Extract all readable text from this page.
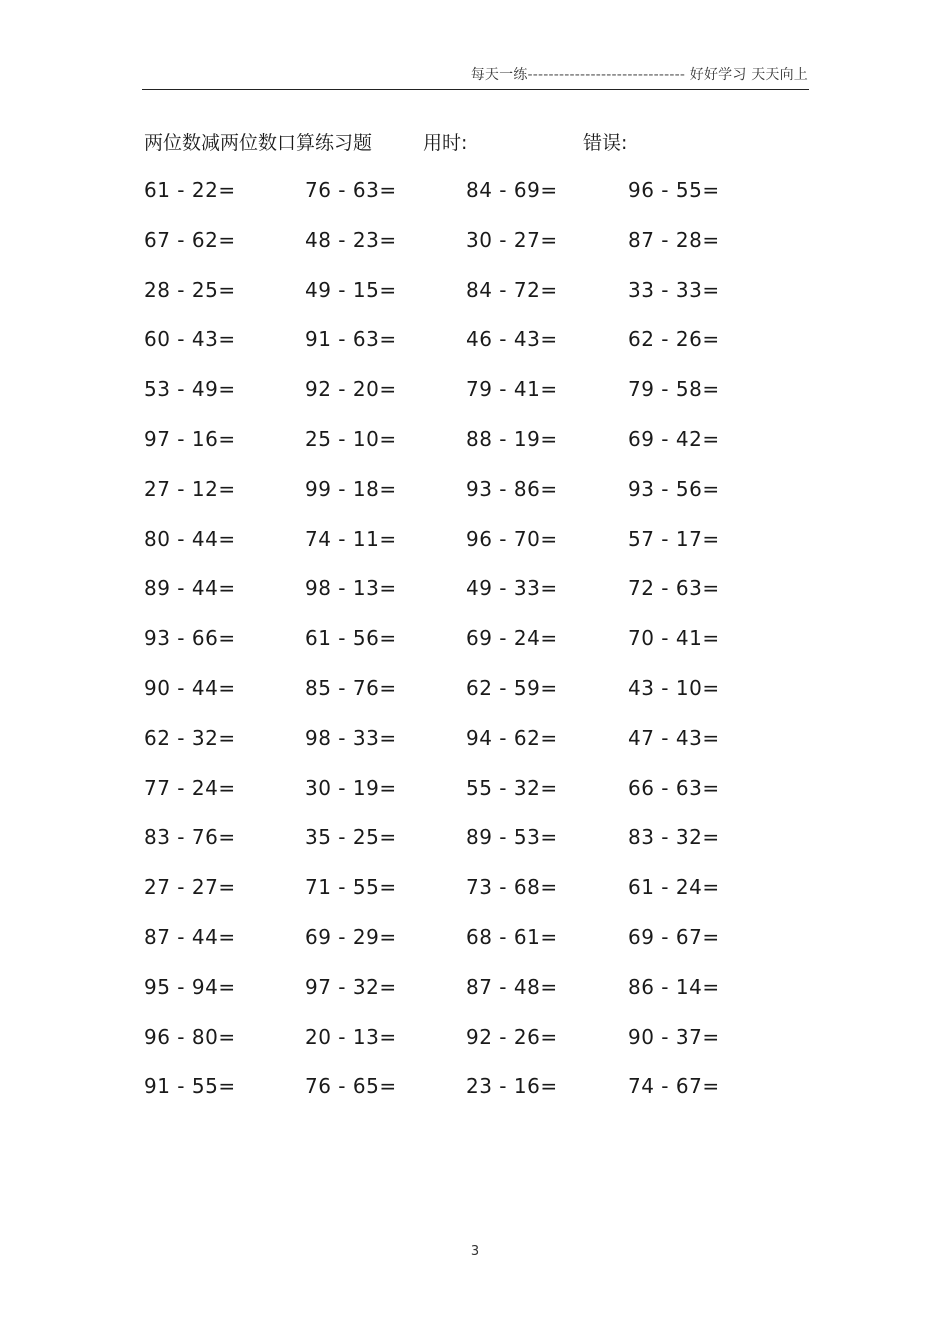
每天一练------------------------------ 好好学习 天天向上
两位数减两位数口算练习题	用时:	错误:
61 - 22=	76 - 63=	84 - 69=	96 - 55=
67 - 62=	48 - 23=	30 - 27=	87 - 28=
28 - 25=	49 - 15=	84 - 72=	33 - 33=
60 - 43=	91 - 63=	46 - 43=	62 - 26=
53 - 49=	92 - 20=	79 - 41=	79 - 58=
97 - 16=	25 - 10=	88 - 19=	69 - 42=
27 - 12=	99 - 18=	93 - 86=	93 - 56=
80 - 44=	74 - 11=	96 - 70=	57 - 17=
89 - 44=	98 - 13=	49 - 33=	72 - 63=
93 - 66=	61 - 56=	69 - 24=	70 - 41=
90 - 44=	85 - 76=	62 - 59=	43 - 10=
62 - 32=	98 - 33=	94 - 62=	47 - 43=
77 - 24=	30 - 19=	55 - 32=	66 - 63=
83 - 76=	35 - 25=	89 - 53=	83 - 32=
27 - 27=	71 - 55=	73 - 68=	61 - 24=
87 - 44=	69 - 29=	68 - 61=	69 - 67=
95 - 94=	97 - 32=	87 - 48=	86 - 14=
96 - 80=	20 - 13=	92 - 26=	90 - 37=
91 - 55=	76 - 65=	23 - 16=	74 - 67=
3
